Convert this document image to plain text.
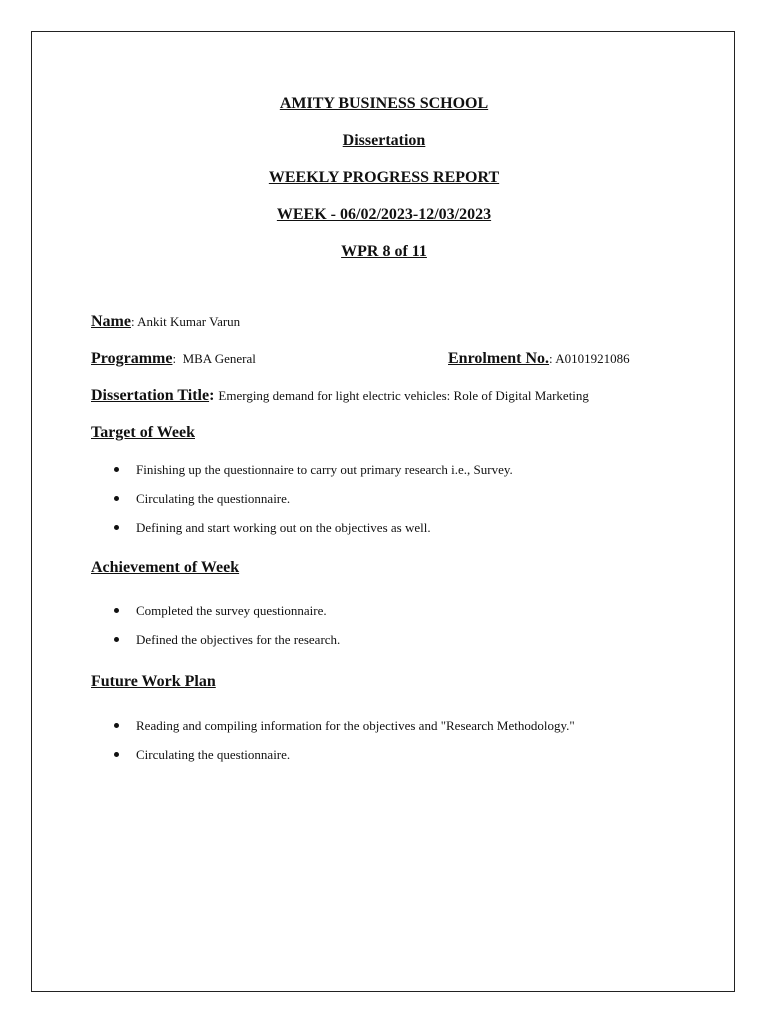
AMITY BUSINESS SCHOOL
Dissertation
WEEKLY PROGRESS REPORT
WEEK - 06/02/2023-12/03/2023
WPR 8 of 11
Name: Ankit Kumar Varun
Programme:  MBA General	Enrolment No.: A0101921086
Dissertation Title: Emerging demand for light electric vehicles: Role of Digital Marketing
Target of Week
Finishing up the questionnaire to carry out primary research i.e., Survey.
Circulating the questionnaire.
Defining and start working out on the objectives as well.
Achievement of Week
Completed the survey questionnaire.
Defined the objectives for the research.
Future Work Plan
Reading and compiling information for the objectives and "Research Methodology."
Circulating the questionnaire.
